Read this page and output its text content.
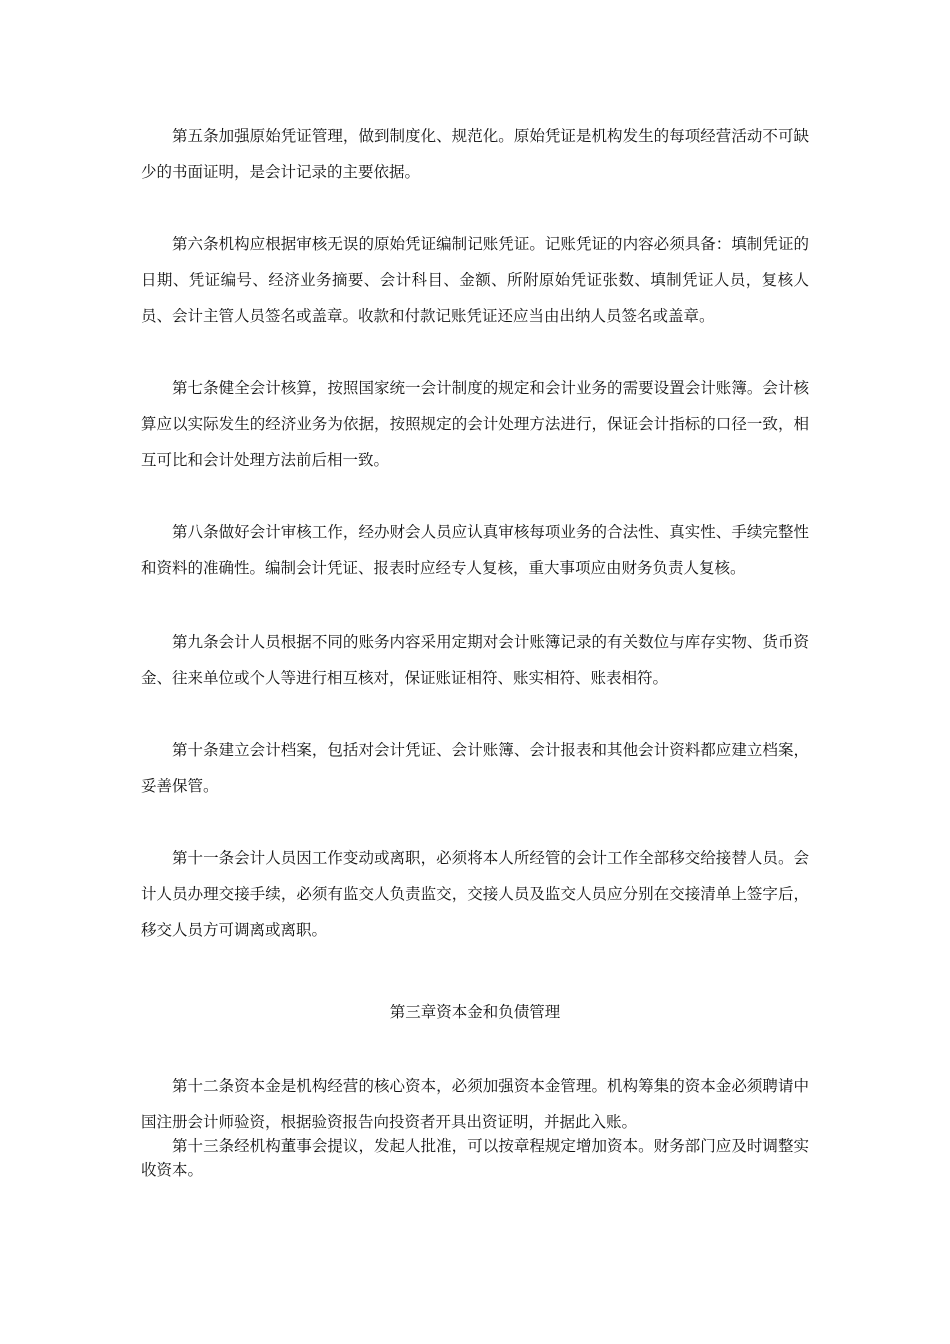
第五条加强原始凭证管理，做到制度化、规范化。原始凭证是机构发生的每项经营活动不可缺少的书面证明，是会计记录的主要依据。

第六条机构应根据审核无误的原始凭证编制记账凭证。记账凭证的内容必须具备：填制凭证的日期、凭证编号、经济业务摘要、会计科目、金额、所附原始凭证张数、填制凭证人员，复核人员、会计主管人员签名或盖章。收款和付款记账凭证还应当由出纳人员签名或盖章。

第七条健全会计核算，按照国家统一会计制度的规定和会计业务的需要设置会计账簿。会计核算应以实际发生的经济业务为依据，按照规定的会计处理方法进行，保证会计指标的口径一致，相互可比和会计处理方法前后相一致。

第八条做好会计审核工作，经办财会人员应认真审核每项业务的合法性、真实性、手续完整性和资料的准确性。编制会计凭证、报表时应经专人复核，重大事项应由财务负责人复核。

第九条会计人员根据不同的账务内容采用定期对会计账簿记录的有关数位与库存实物、货币资金、往来单位或个人等进行相互核对，保证账证相符、账实相符、账表相符。

第十条建立会计档案，包括对会计凭证、会计账簿、会计报表和其他会计资料都应建立档案，妥善保管。

第十一条会计人员因工作变动或离职，必须将本人所经管的会计工作全部移交给接替人员。会计人员办理交接手续，必须有监交人负责监交，交接人员及监交人员应分别在交接清单上签字后，移交人员方可调离或离职。

第三章资本金和负债管理

第十二条资本金是机构经营的核心资本，必须加强资本金管理。机构筹集的资本金必须聘请中国注册会计师验资，根据验资报告向投资者开具出资证明，并据此入账。

第十三条经机构董事会提议，发起人批准，可以按章程规定增加资本。财务部门应及时调整实收资本。
